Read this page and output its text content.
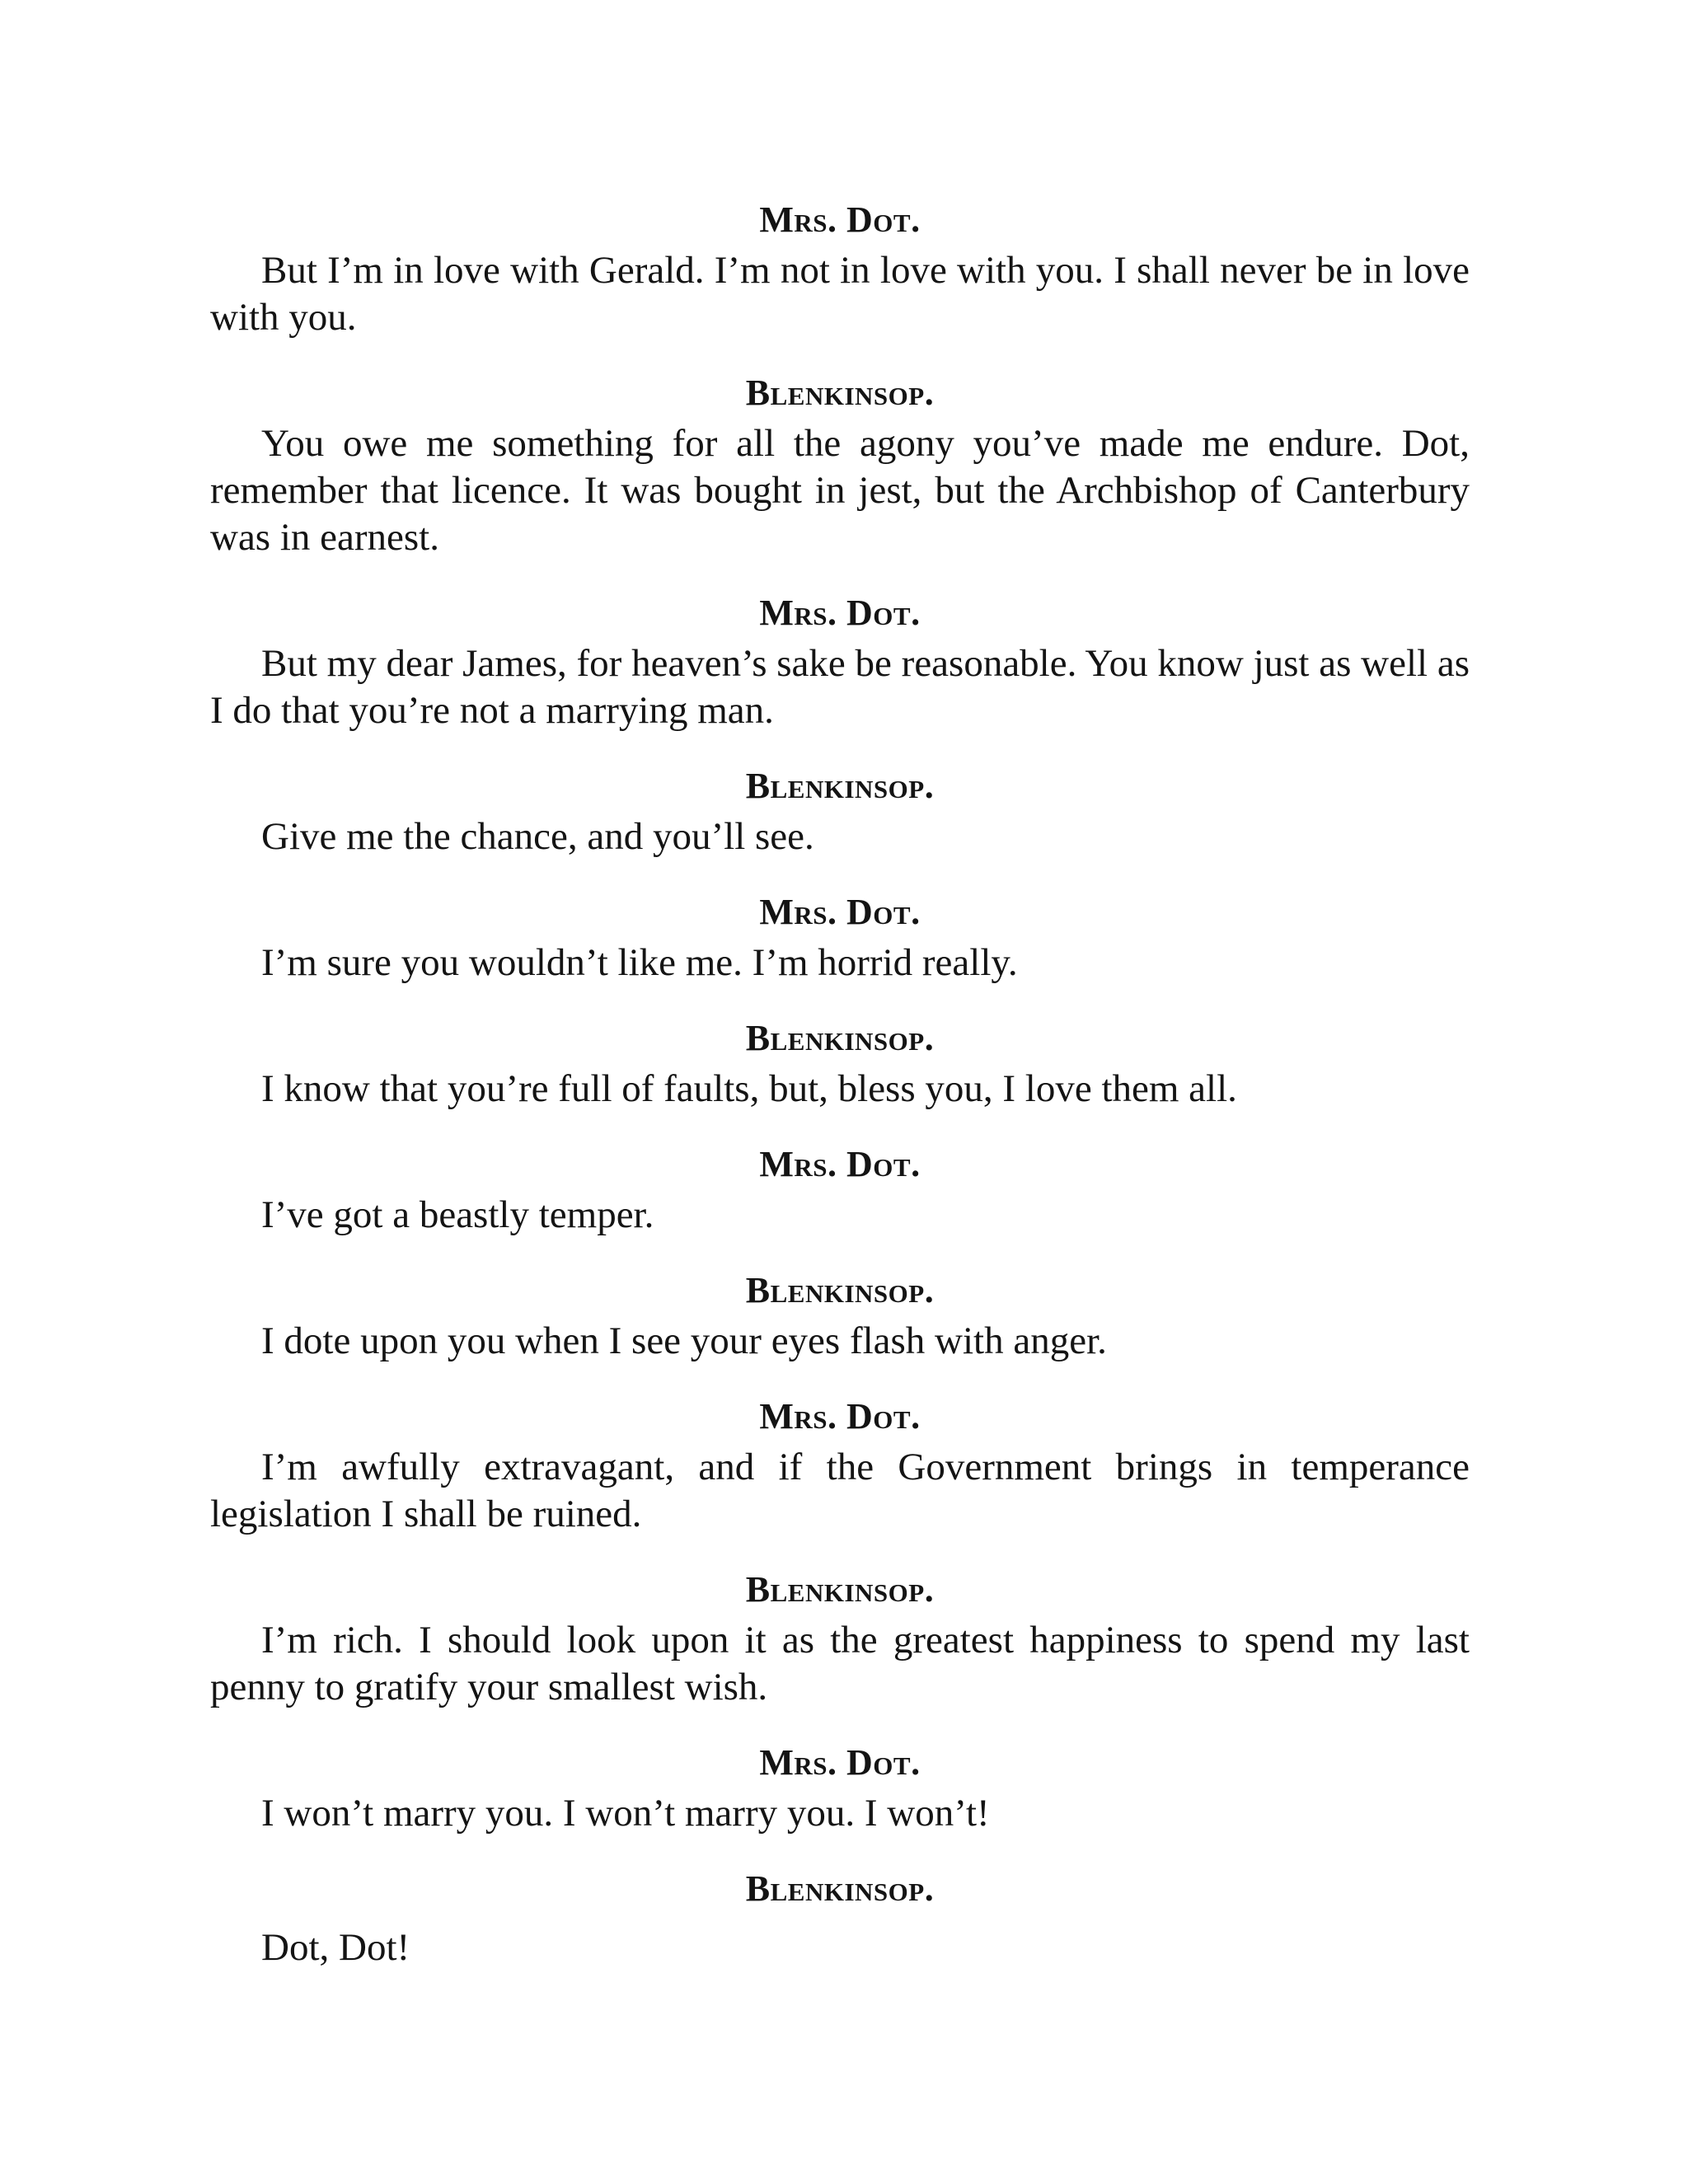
Mrs. Dot.

But I’m in love with Gerald. I’m not in love with you. I shall never be in love with you.

Blenkinsop.

You owe me something for all the agony you’ve made me endure. Dot, remember that licence. It was bought in jest, but the Archbishop of Canterbury was in earnest.

Mrs. Dot.

But my dear James, for heaven’s sake be reasonable. You know just as well as I do that you’re not a marrying man.

Blenkinsop.

Give me the chance, and you’ll see.

Mrs. Dot.

I’m sure you wouldn’t like me. I’m horrid really.

Blenkinsop.

I know that you’re full of faults, but, bless you, I love them all.

Mrs. Dot.

I’ve got a beastly temper.

Blenkinsop.

I dote upon you when I see your eyes flash with anger.

Mrs. Dot.

I’m awfully extravagant, and if the Government brings in temperance legislation I shall be ruined.

Blenkinsop.

I’m rich. I should look upon it as the greatest happiness to spend my last penny to gratify your smallest wish.

Mrs. Dot.

I won’t marry you. I won’t marry you. I won’t!

Blenkinsop.

Dot, Dot!
